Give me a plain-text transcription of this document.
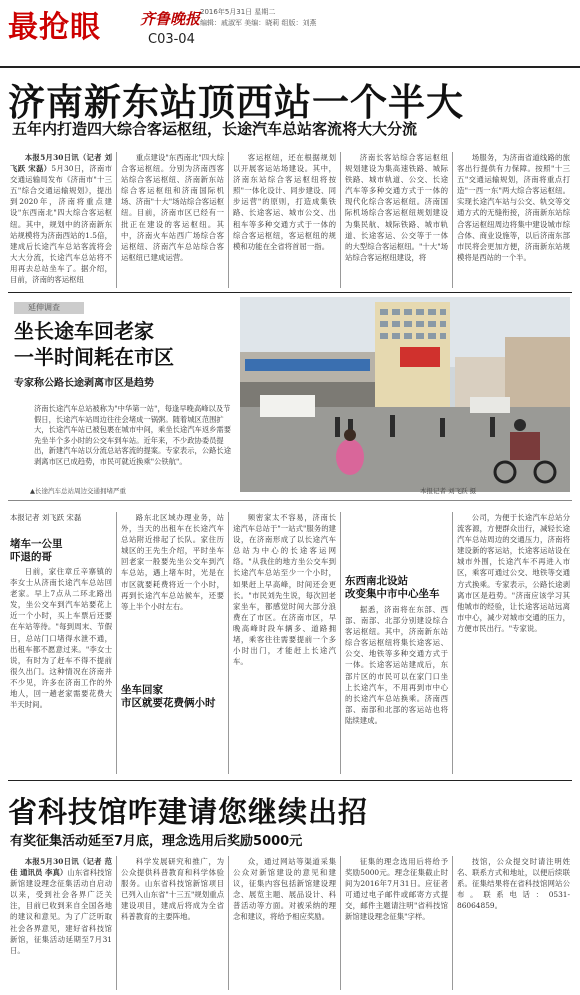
最抢眼	齐鲁晚报 2016年5月31日 星期二
编辑：戚淑军 美编：晓莉 组版：刘燕
C03-04
济南新东站顶西站一个半大
五年内打造四大综合客运枢纽，长途汽车总站客流将大大分流

本报5月30日讯（记者 刘飞跃 宋磊）5月30日，济南市交通运输局发布《济南市"十三五"综合交通运输规划》，提出到2020年，济南将重点建设"东西南北"四大综合客运枢纽。其中，规划中的济南新东站规模将为济南西站的1.5倍，建成后长途汽车总站客流将会大大分流，长途汽车总站将不用再去总站坐车了。据介绍，目前，济南的客运枢纽

重点建设"东西南北"四大综合客运枢纽。分别为济南西客站综合客运枢纽、济南新东站综合客运枢纽和济南国际机场、济南"十大"场站综合客运枢纽。目前，济南市区已经有一批正在建设的客运枢纽。其中，济南火车站西广场综合客运枢纽、济南汽车总站综合客运枢纽已建成运营。

客运枢纽，还在根据规划以开展客运站场建设。其中，济南东站综合客运枢纽将按照"一体化设计、同步建设、同步运营"的原则，打造成集铁路、长途客运、城市公交、出租车等多种交通方式于一体的综合客运枢纽，客运枢纽的规模和功能在全省将首屈一指。

济南长客站综合客运枢纽规划建设为集高速铁路、城际铁路、城市轨道、公交、长途汽车等多种交通方式于一体的现代化综合客运枢纽。济南国际机场综合客运枢纽规划建设为集民航、城际铁路、城市轨道、长途客运、公交等于一体的大型综合客运枢纽。"十大"场站综合客运枢纽建设，将

场服务，为济南省道线路的旅客出行提供有力保障。按照"十三五"交通运输规划，济南将重点打造"一西一东"两大综合客运枢纽。实现长途汽车站与公交、轨交等交通方式的无缝衔接，济南新东站综合客运枢纽周边将集中建设城市综合体、商业设施等，以后济南东部市民将会更加方便，济南新东站规模将是西站的一个半。

延伸调查
坐长途车回老家
一半时间耗在市区
专家称公路长途剥离市区是趋势
济南长途汽车总站被称为"中华第一站"，每逢早晚高峰以及节假日，长途汽车站周边往往会堵成一锅粥。随着城区范围扩大，长途汽车站已被包裹在城市中间，乘坐长途汽车返乡需要先坐半个多小时的公交车到车站。近年来，不少政协委员提出，新建汽车站以分流总站客流的提案。专家表示，公路长途剥离市区已成趋势，市民可就近换乘"公铁航"。
▲长途汽车总站周边交通拥堵严重	本报记者 刘飞跃 摄
本报记者 刘飞跃 宋磊
堵车一公里
吓退的哥

日前，家住章丘辛寨镇的李女士从济南长途汽车总站回老家。早上7点从二环北路出发，坐公交车到汽车站要花上近一个小时，买上车票后还要在车站等待。"每到周末、节假日，总站门口堵得水泄不通，出租车都不愿意过来。"李女士说，有时为了赶车不得不提前很久出门。这种情况在济南并不少见，许多在济南工作的外地人，回一趟老家需要花费大半天时间。

路东北区域办理业务，站外，当天的出租车在长途汽车总站附近排起了长队。家住历城区的王先生介绍，平时坐车回老家一般要先坐公交车到汽车总站，遇上堵车时，光是在市区就要耗费将近一个小时，再到长途汽车总站候车，还要等上半个小时左右。

坐车回家
市区就要花费俩小时

频密家太不容易，济南长途汽车总站于"一站式"服务的建设，在济南形成了以长途汽车总站为中心的长途客运网络。"从我住的地方坐公交车到长途汽车总站至少一个小时，如果赶上早高峰，时间还会更长。"市民刘先生说，每次回老家坐车，都感觉时间大部分浪费在了市区。在济南市区，早晚高峰时段车辆多、道路拥堵，乘客往往需要提前一个多小时出门，才能赶上长途汽车。

东西南北设站
改变集中市中心坐车

据悉，济南将在东部、西部、南部、北部分别建设综合客运枢纽。其中，济南新东站综合客运枢纽将集长途客运、公交、地铁等多种交通方式于一体。长途客运站建成后，东部片区的市民可以在家门口坐上长途汽车，不用再到市中心的长途汽车总站换乘。济南西部、南部和北部的客运站也将陆续建成。

公司，为便于长途汽车总站分流客源，方便群众出行，减轻长途汽车总站周边的交通压力，济南将建设新的客运站，长途客运站设在城市外围，长途汽车不再进入市区，乘客可通过公交、地铁等交通方式换乘。专家表示，公路长途剥离市区是趋势。"济南应该学习其他城市的经验，让长途客运站远离市中心，减少对城市交通的压力，方便市民出行。"专家说。

省科技馆咋建请您继续出招
有奖征集活动延至7月底，理念选用后奖励5000元

本报5月30日讯（记者 范佳 通讯员 李真）山东省科技馆新馆建设理念征集活动自启动以来，受到社会各界广泛关注，目前已收到来自全国各地的建议和意见。为了广泛听取社会各界意见，建好省科技馆新馆，征集活动延期至7月31日。

科学发展研究和推广，为公众提供科普教育和科学体验服务。山东省科技馆新馆项目已列入山东省"十三五"规划重点建设项目，建成后将成为全省科普教育的主要阵地。

众，通过网站等渠道采集公众对新馆建设的意见和建议，征集内容包括新馆建设理念、展览主题、展品设计、科普活动等方面。对被采纳的理念和建议，将给予相应奖励。

征集的理念选用后将给予奖励5000元。理念征集截止时间为2016年7月31日。应征者可通过电子邮件或邮寄方式提交，邮件主题请注明"省科技馆新馆建设理念征集"字样。

技馆，公众提交时请注明姓名、联系方式和地址，以便后续联系。征集结果将在省科技馆网站公布。联系电话：0531-86064859。
